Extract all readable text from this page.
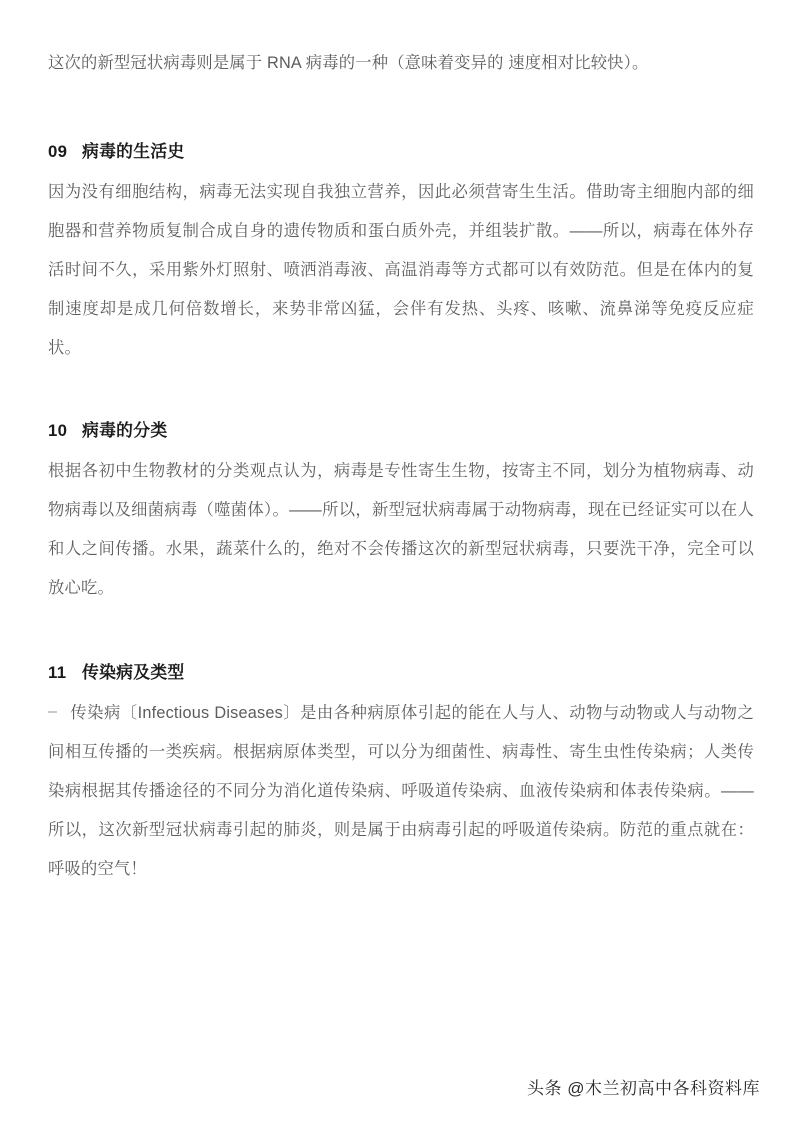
这次的新型冠状病毒则是属于 RNA 病毒的一种（意味着变异的 速度相对比较快）。

09 病毒的生活史

因为没有细胞结构，病毒无法实现自我独立营养，因此必须营寄生生活。借助寄主细胞内部的细胞器和营养物质复制合成自身的遗传物质和蛋白质外壳，并组装扩散。——所以，病毒在体外存活时间不久，采用紫外灯照射、喷洒消毒液、高温消毒等方式都可以有效防范。但是在体内的复制速度却是成几何倍数增长，来势非常凶猛，会伴有发热、头疼、咳嗽、流鼻涕等免疫反应症状。

10 病毒的分类

根据各初中生物教材的分类观点认为，病毒是专性寄生生物，按寄主不同，划分为植物病毒、动物病毒以及细菌病毒（噬菌体）。——所以，新型冠状病毒属于动物病毒，现在已经证实可以在人和人之间传播。水果，蔬菜什么的，绝对不会传播这次的新型冠状病毒，只要洗干净，完全可以放心吃。

11 传染病及类型

传染病〔Infectious Diseases〕是由各种病原体引起的能在人与人、动物与动物或人与动物之间相互传播的一类疾病。根据病原体类型，可以分为细菌性、病毒性、寄生虫性传染病；人类传染病根据其传播途径的不同分为消化道传染病、呼吸道传染病、血液传染病和体表传染病。——所以，这次新型冠状病毒引起的肺炎，则是属于由病毒引起的呼吸道传染病。防范的重点就在：呼吸的空气！

头条 @木兰初高中各科资料库
